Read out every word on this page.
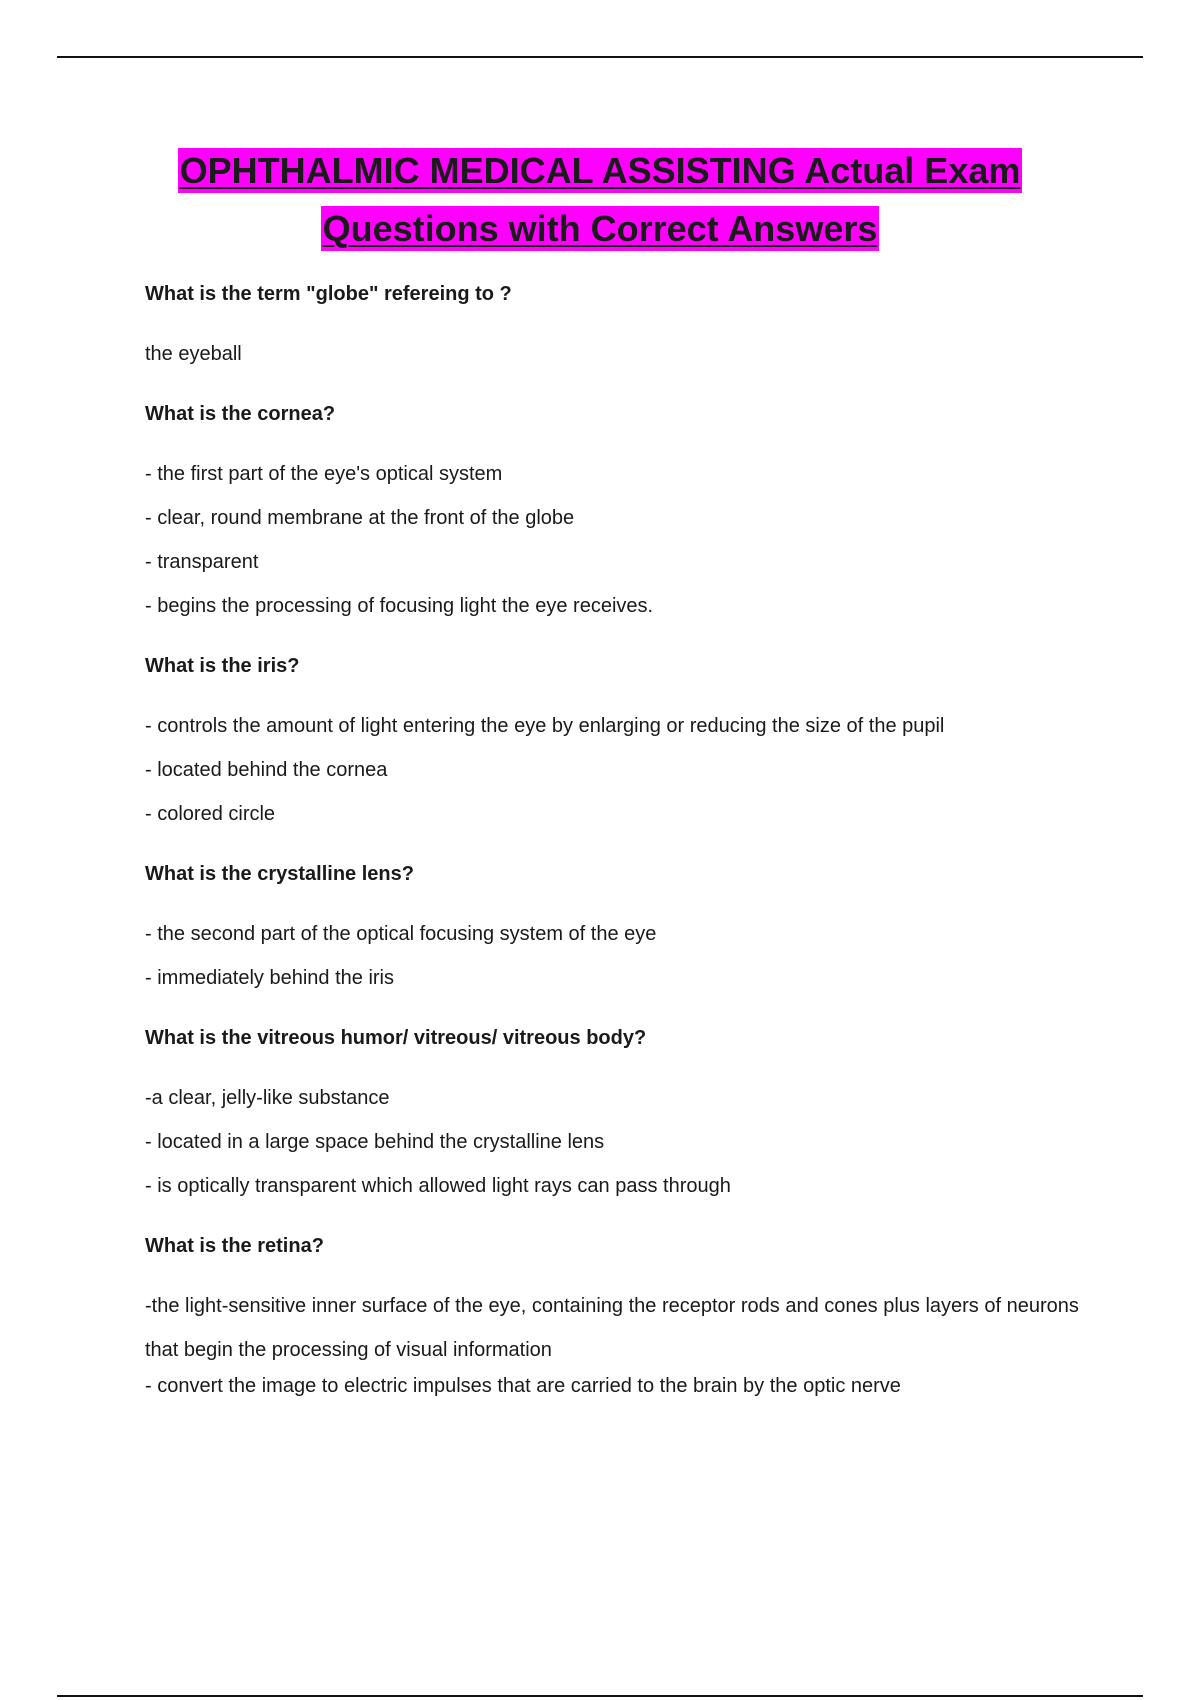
OPHTHALMIC MEDICAL ASSISTING Actual Exam
Questions with Correct Answers

What is the term "globe" refereing to ?

the eyeball

What is the cornea?

- the first part of the eye's optical system
- clear, round membrane at the front of the globe
- transparent
- begins the processing of focusing light the eye receives.

What is the iris?

- controls the amount of light entering the eye by enlarging or reducing the size of the pupil
- located behind the cornea
- colored circle

What is the crystalline lens?

- the second part of the optical focusing system of the eye
- immediately behind the iris

What is the vitreous humor/ vitreous/ vitreous body?

-a clear, jelly-like substance
- located in a large space behind the crystalline lens
- is optically transparent which allowed light rays can pass through

What is the retina?

-the light-sensitive inner surface of the eye, containing the receptor rods and cones plus layers of neurons that begin the processing of visual information
- convert the image to electric impulses that are carried to the brain by the optic nerve
